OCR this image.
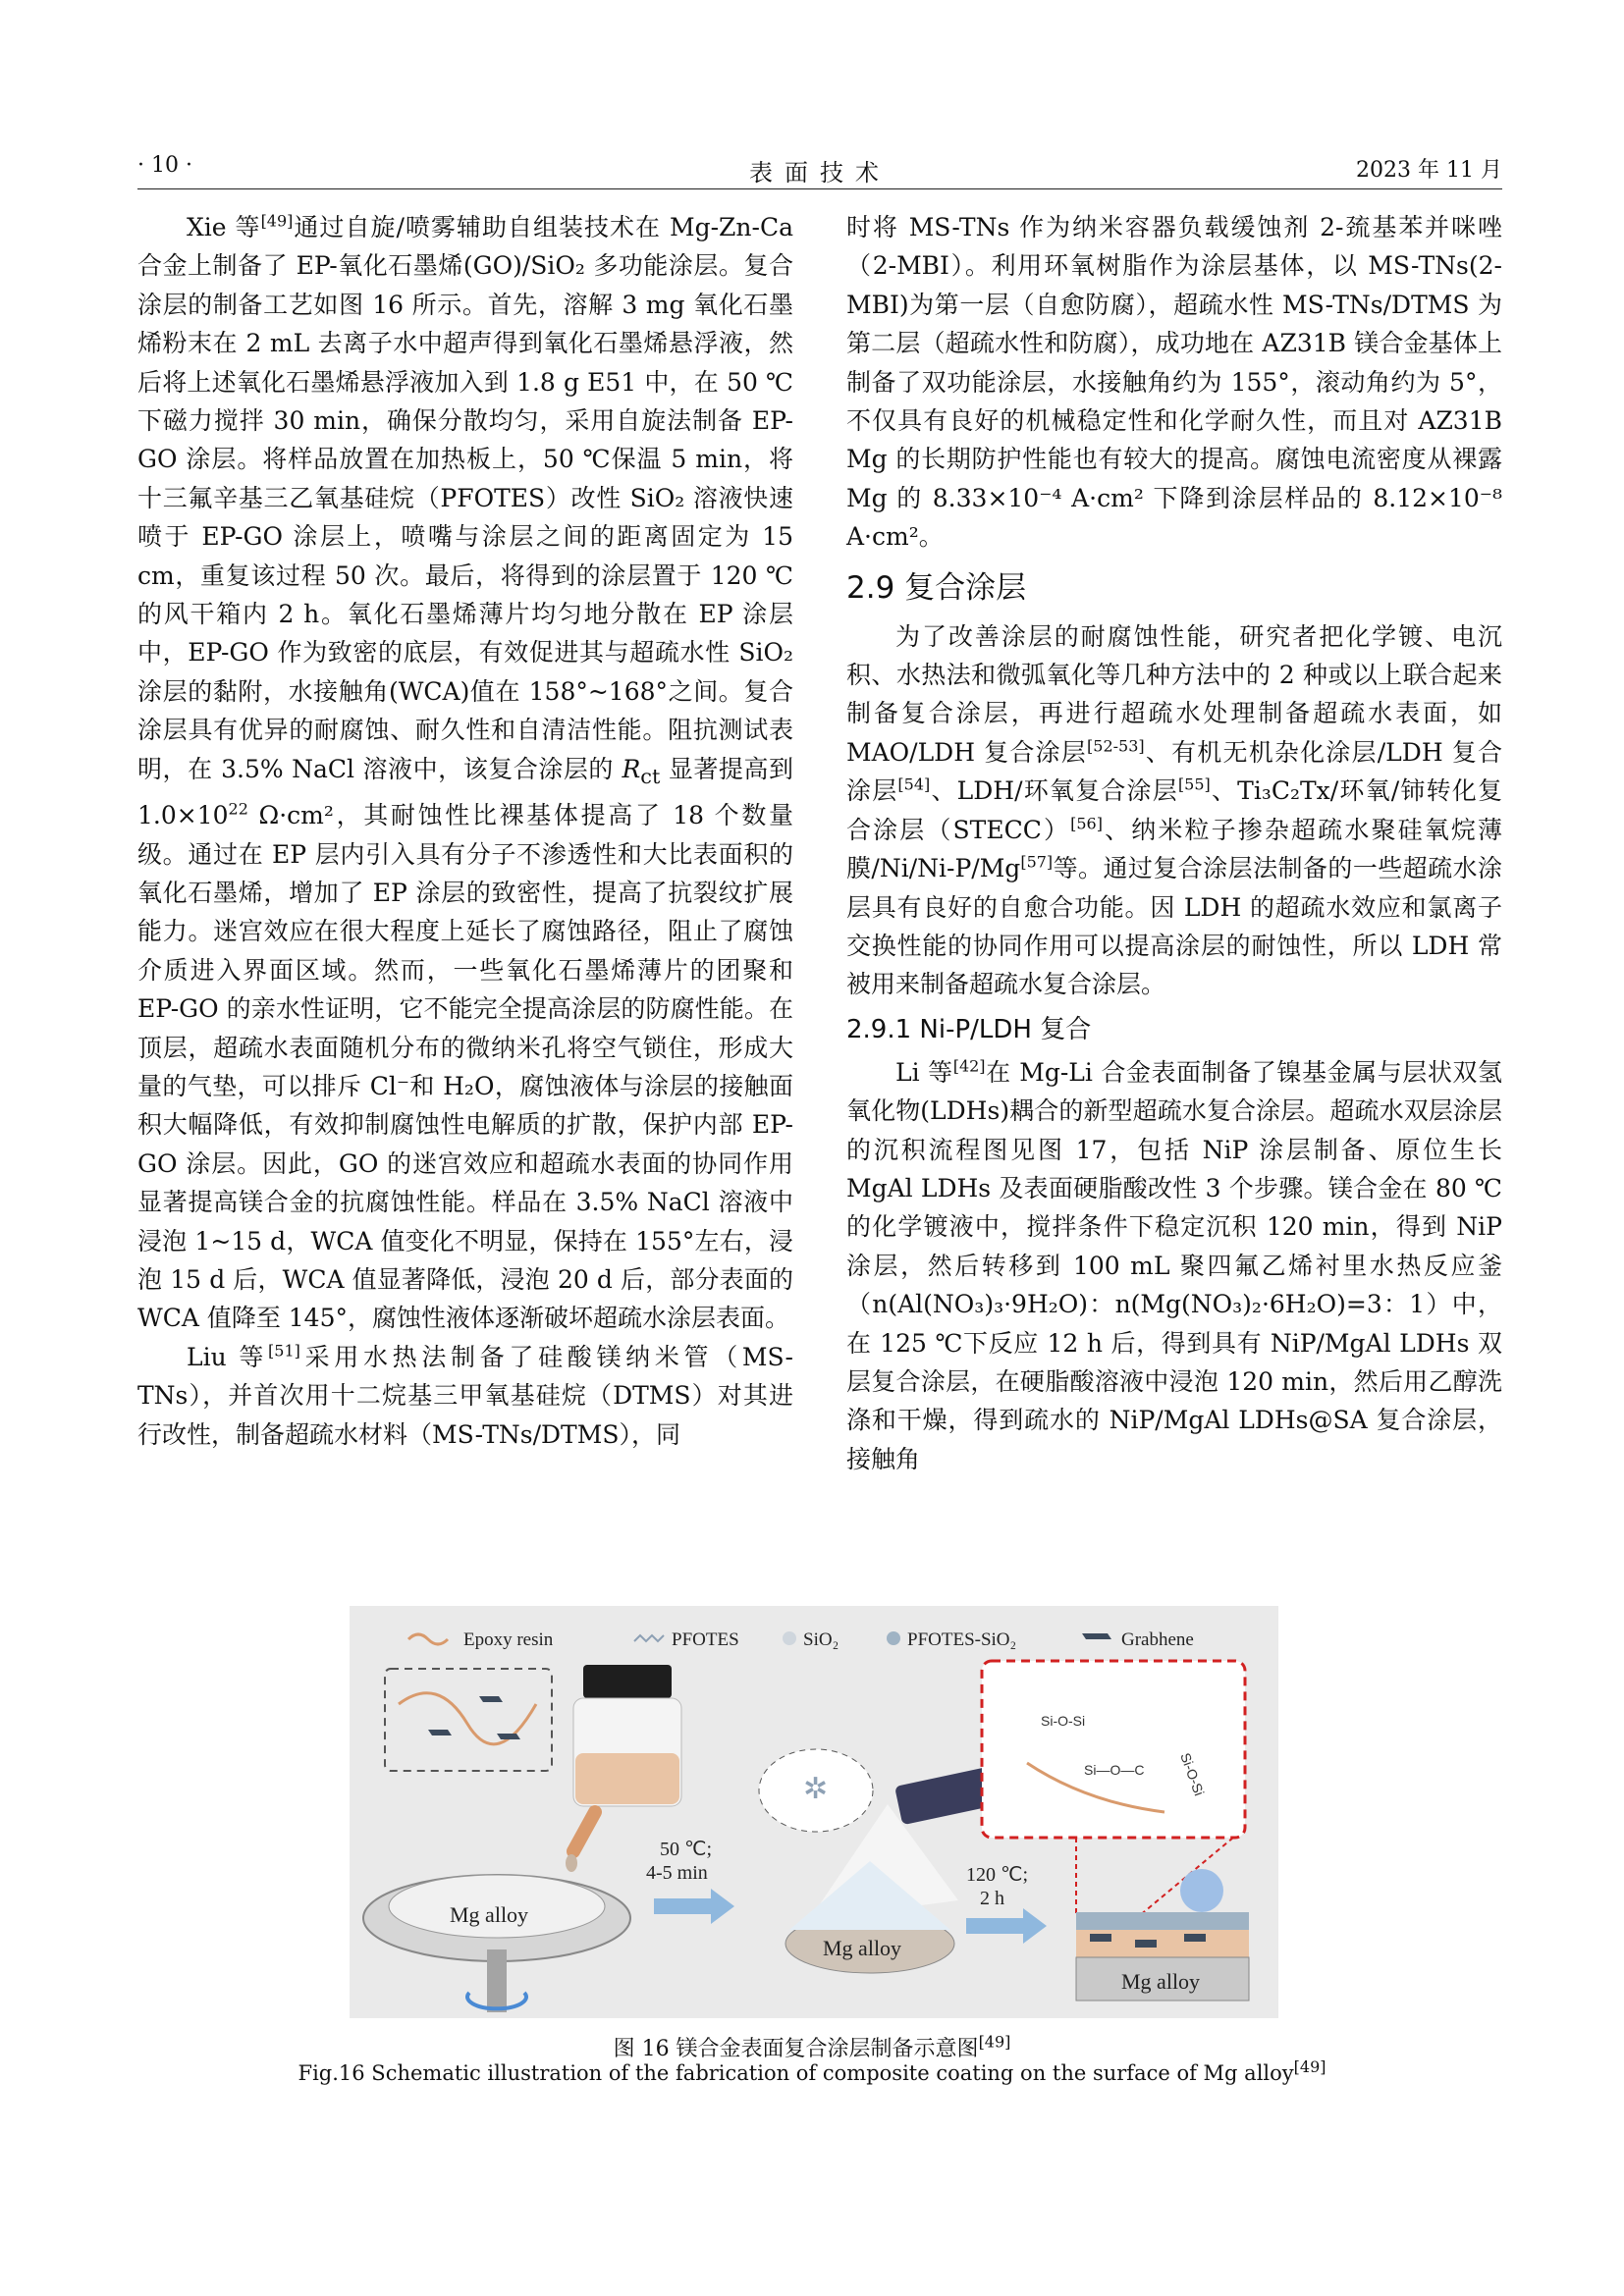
· 10 ·	表面技术	2023 年 11 月

Xie 等[49]通过自旋/喷雾辅助自组装技术在 Mg-Zn-Ca 合金上制备了 EP-氧化石墨烯(GO)/SiO₂ 多功能涂层。复合涂层的制备工艺如图 16 所示。首先，溶解 3 mg 氧化石墨烯粉末在 2 mL 去离子水中超声得到氧化石墨烯悬浮液，然后将上述氧化石墨烯悬浮液加入到 1.8 g E51 中，在 50 ℃下磁力搅拌 30 min，确保分散均匀，采用自旋法制备 EP-GO 涂层。将样品放置在加热板上，50 ℃保温 5 min，将十三氟辛基三乙氧基硅烷（PFOTES）改性 SiO₂ 溶液快速喷于 EP-GO 涂层上，喷嘴与涂层之间的距离固定为 15 cm，重复该过程 50 次。最后，将得到的涂层置于 120 ℃的风干箱内 2 h。氧化石墨烯薄片均匀地分散在 EP 涂层中，EP-GO 作为致密的底层，有效促进其与超疏水性 SiO₂ 涂层的黏附，水接触角(WCA)值在 158°~168°之间。复合涂层具有优异的耐腐蚀、耐久性和自清洁性能。阻抗测试表明，在 3.5% NaCl 溶液中，该复合涂层的 $R_{ct}$ 显著提高到 $1.0\times 10^{22}$ Ω·cm²，其耐蚀性比裸基体提高了 18 个数量级。通过在 EP 层内引入具有分子不渗透性和大比表面积的氧化石墨烯，增加了 EP 涂层的致密性，提高了抗裂纹扩展能力。迷宫效应在很大程度上延长了腐蚀路径，阻止了腐蚀介质进入界面区域。然而，一些氧化石墨烯薄片的团聚和 EP-GO 的亲水性证明，它不能完全提高涂层的防腐性能。在顶层，超疏水表面随机分布的微纳米孔将空气锁住，形成大量的气垫，可以排斥 Cl⁻和 H₂O，腐蚀液体与涂层的接触面积大幅降低，有效抑制腐蚀性电解质的扩散，保护内部 EP-GO 涂层。因此，GO 的迷宫效应和超疏水表面的协同作用显著提高镁合金的抗腐蚀性能。样品在 3.5% NaCl 溶液中浸泡 1~15 d，WCA 值变化不明显，保持在 155°左右，浸泡 15 d 后，WCA 值显著降低，浸泡 20 d 后，部分表面的 WCA 值降至 145°，腐蚀性液体逐渐破坏超疏水涂层表面。

Liu 等[51]采用水热法制备了硅酸镁纳米管（MS-TNs），并首次用十二烷基三甲氧基硅烷（DTMS）对其进行改性，制备超疏水材料（MS-TNs/DTMS），同

时将 MS-TNs 作为纳米容器负载缓蚀剂 2-巯基苯并咪唑（2-MBI）。利用环氧树脂作为涂层基体，以 MS-TNs(2-MBI)为第一层（自愈防腐），超疏水性 MS-TNs/DTMS 为第二层（超疏水性和防腐），成功地在 AZ31B 镁合金基体上制备了双功能涂层，水接触角约为 155°，滚动角约为 5°，不仅具有良好的机械稳定性和化学耐久性，而且对 AZ31B Mg 的长期防护性能也有较大的提高。腐蚀电流密度从裸露 Mg 的 8.33×10⁻⁴ A·cm² 下降到涂层样品的 8.12×10⁻⁸ A·cm²。

2.9 复合涂层

为了改善涂层的耐腐蚀性能，研究者把化学镀、电沉积、水热法和微弧氧化等几种方法中的 2 种或以上联合起来制备复合涂层，再进行超疏水处理制备超疏水表面，如 MAO/LDH 复合涂层[52-53]、有机无机杂化涂层/LDH 复合涂层[54]、LDH/环氧复合涂层[55]、Ti₃C₂Tx/环氧/铈转化复合涂层（STECC）[56]、纳米粒子掺杂超疏水聚硅氧烷薄膜/Ni/Ni-P/Mg[57]等。通过复合涂层法制备的一些超疏水涂层具有良好的自愈合功能。因 LDH 的超疏水效应和氯离子交换性能的协同作用可以提高涂层的耐蚀性，所以 LDH 常被用来制备超疏水复合涂层。

2.9.1 Ni-P/LDH 复合

Li 等[42]在 Mg-Li 合金表面制备了镍基金属与层状双氢氧化物(LDHs)耦合的新型超疏水复合涂层。超疏水双层涂层的沉积流程图见图 17，包括 NiP 涂层制备、原位生长 MgAl LDHs 及表面硬脂酸改性 3 个步骤。镁合金在 80 ℃的化学镀液中，搅拌条件下稳定沉积 120 min，得到 NiP 涂层，然后转移到 100 mL 聚四氟乙烯衬里水热反应釜（n(Al(NO₃)₃·9H₂O)：n(Mg(NO₃)₂·6H₂O)=3：1）中，在 125 ℃下反应 12 h 后，得到具有 NiP/MgAl LDHs 双层复合涂层，在硬脂酸溶液中浸泡 120 min，然后用乙醇洗涤和干燥，得到疏水的 NiP/MgAl LDHs@SA 复合涂层，接触角

Epoxy resin	PFOTES	SiO₂	PFOTES-SiO₂	Grabhene
Mg alloy
50 ℃;
4-5 min
✲
Mg alloy
120 ℃;
2 h
Si-O-Si
Si-O-Si
Si—O—C
Mg alloy
图 16 镁合金表面复合涂层制备示意图[49]
Fig.16 Schematic illustration of the fabrication of composite coating on the surface of Mg alloy[49]
